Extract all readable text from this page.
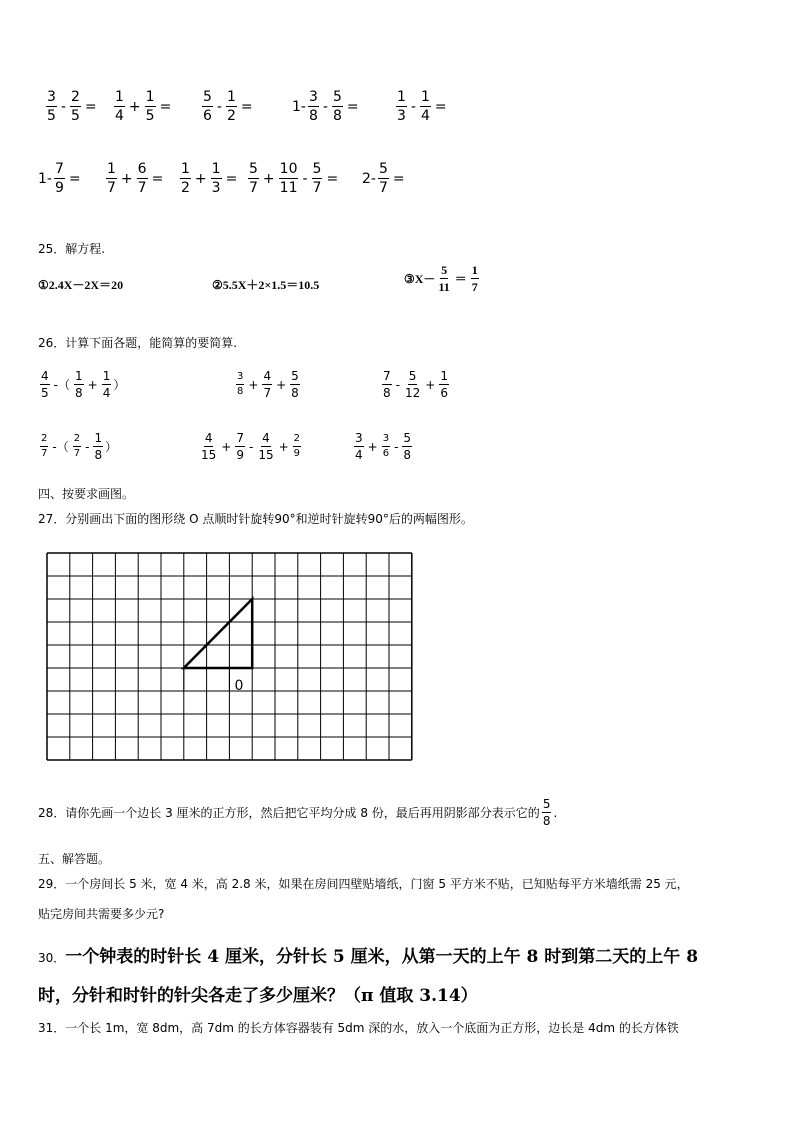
$\frac{3}{5} - \frac{2}{5} = \frac{1}{4} + \frac{1}{5} = \frac{5}{6} - \frac{1}{2}$ =	$1- \frac{3}{8} - \frac{5}{8}$ =	$\frac{1}{3} - \frac{1}{4}$ =
$1- \frac{7}{9} = \frac{1}{7} + \frac{6}{7} = \frac{1}{2} + \frac{1}{3} = \frac{5}{7} + \frac{10}{11} - \frac{5}{7} = 2- \frac{5}{7}$ =
25．解方程.
①2.4X－2X＝20	②5.5X＋2×1.5＝10.5	③X－ $\frac{5}{11} = \frac{1}{7}$
26．计算下面各题，能简算的要简算.
$\frac{4}{5}$ -（ $\frac{1}{8} + \frac{1}{4}$ ）	$\frac{3}{8} + \frac{4}{7} + \frac{5}{8}$	$\frac{7}{8} - \frac{5}{12} + \frac{1}{6}$
$\frac{2}{7}$ -（ $\frac{2}{7} - \frac{1}{8}$ ）	$\frac{4}{15} + \frac{7}{9} - \frac{4}{15} + \frac{2}{9}$	$\frac{3}{4} + \frac{3}{6} - \frac{5}{8}$
四、按要求画图。
27．分别画出下面的图形绕 O 点顺时针旋转90°和逆时针旋转90°后的两幅图形。
0
28．请你先画一个边长 3 厘米的正方形，然后把它平均分成 8 份，最后再用阴影部分表示它的 $\frac{5}{8}$ .
五、解答题。
29．一个房间长 5 米，宽 4 米，高 2.8 米，如果在房间四壁贴墙纸，门窗 5 平方米不贴，已知贴每平方米墙纸需 25 元，
贴完房间共需要多少元?
30．一个钟表的时针长 4 厘米，分针长 5 厘米，从第一天的上午 8 时到第二天的上午 8
时，分针和时针的针尖各走了多少厘米？（π 值取 3.14）
31．一个长 1m，宽 8dm，高 7dm 的长方体容器装有 5dm 深的水，放入一个底面为正方形，边长是 4dm 的长方体铁
